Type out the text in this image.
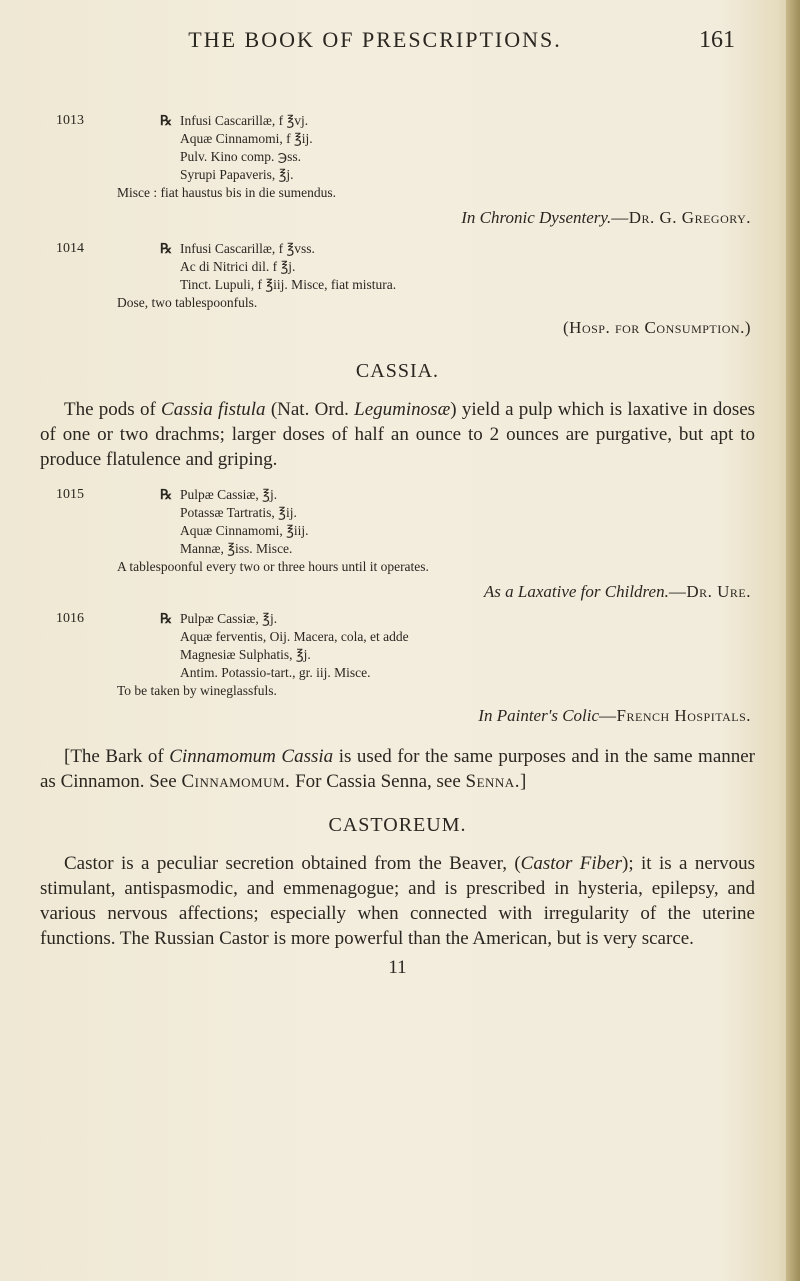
THE BOOK OF PRESCRIPTIONS.	161
1013	℞ Infusi Cascarillæ, f ℥vj.
Aquæ Cinnamomi, f ℥ij.
Pulv. Kino comp. ℈ss.
Syrupi Papaveris, ℥j.
Misce : fiat haustus bis in die sumendus.
In Chronic Dysentery.—Dr. G. Gregory.
1014	℞ Infusi Cascarillæ, f ℥vss.
Ac di Nitrici dil. f ℥j.
Tinct. Lupuli, f ℥iij. Misce, fiat mistura.
Dose, two tablespoonfuls.
(Hosp. for Consumption.)
CASSIA.

The pods of Cassia fistula (Nat. Ord. Leguminosæ) yield a pulp which is laxative in doses of one or two drachms; larger doses of half an ounce to 2 ounces are purgative, but apt to produce flatulence and griping.

1015	℞ Pulpæ Cassiæ, ℥j.
Potassæ Tartratis, ℥ij.
Aquæ Cinnamomi, ℥iij.
Mannæ, ℥iss. Misce.
A tablespoonful every two or three hours until it operates.
As a Laxative for Children.—Dr. Ure.
1016	℞ Pulpæ Cassiæ, ℥j.
Aquæ ferventis, Oij. Macera, cola, et adde
Magnesiæ Sulphatis, ℥j.
Antim. Potassio-tart., gr. iij. Misce.
To be taken by wineglassfuls.
In Painter's Colic—French Hospitals.

[The Bark of Cinnamomum Cassia is used for the same purposes and in the same manner as Cinnamon. See Cinnamomum. For Cassia Senna, see Senna.]

CASTOREUM.

Castor is a peculiar secretion obtained from the Beaver, (Castor Fiber); it is a nervous stimulant, antispasmodic, and emmenagogue; and is prescribed in hysteria, epilepsy, and various nervous affections; especially when connected with irregularity of the uterine functions. The Russian Castor is more powerful than the American, but is very scarce.

11
